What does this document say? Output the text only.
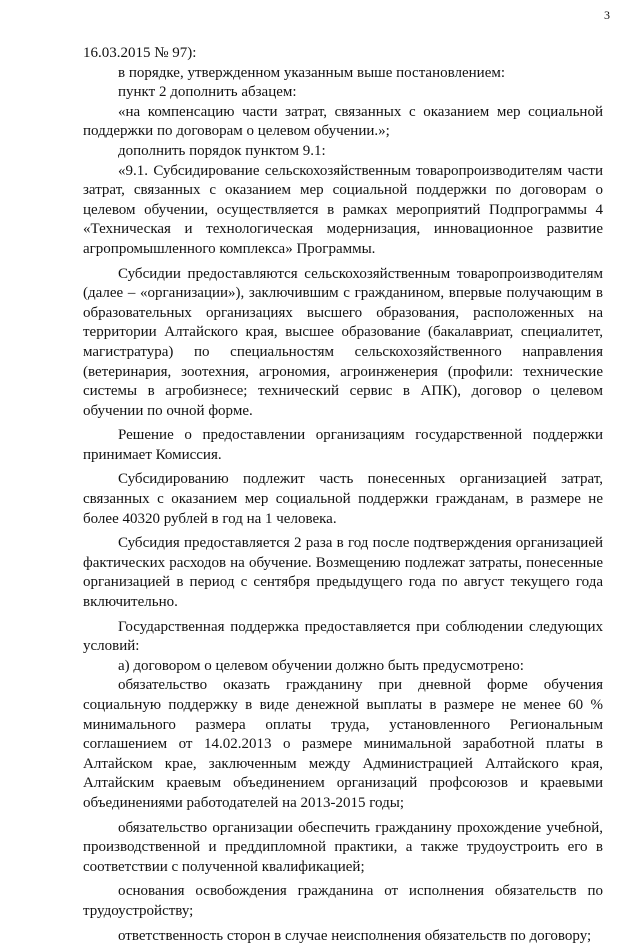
3

16.03.2015 № 97):

в порядке, утвержденном указанным выше постановлением:

пункт 2 дополнить абзацем:

«на компенсацию части затрат, связанных с оказанием мер социальной поддержки по договорам о целевом обучении.»;

дополнить порядок пунктом 9.1:

«9.1. Субсидирование сельскохозяйственным товаропроизводителям части затрат, связанных с оказанием мер социальной поддержки по договорам о целевом обучении, осуществляется в рамках мероприятий Подпрограммы 4 «Техническая и технологическая модернизация, инновационное развитие агропромышленного комплекса» Программы.

Субсидии предоставляются сельскохозяйственным товаропроизводителям (далее – «организации»), заключившим с гражданином, впервые получающим в образовательных организациях высшего образования, расположенных на территории Алтайского края, высшее образование (бакалавриат, специалитет, магистратура) по специальностям сельскохозяйственного направления (ветеринария, зоотехния, агрономия, агроинженерия (профили: технические системы в агробизнесе; технический сервис в АПК), договор о целевом обучении по очной форме.

Решение о предоставлении организациям государственной поддержки принимает Комиссия.

Субсидированию подлежит часть понесенных организацией затрат, связанных с оказанием мер социальной поддержки гражданам, в размере не более 40320 рублей в год на 1 человека.

Субсидия предоставляется 2 раза в год после подтверждения организацией фактических расходов на обучение. Возмещению подлежат затраты, понесенные организацией в период с сентября предыдущего года по август текущего года включительно.

Государственная поддержка предоставляется при соблюдении следующих условий:

а) договором о целевом обучении должно быть предусмотрено:

обязательство оказать гражданину при дневной форме обучения социальную поддержку в виде денежной выплаты в размере не менее 60 % минимального размера оплаты труда, установленного Региональным соглашением от 14.02.2013 о размере минимальной заработной платы в Алтайском крае, заключенным между Администрацией Алтайского края, Алтайским краевым объединением организаций профсоюзов и краевыми объединениями работодателей на 2013-2015 годы;

обязательство организации обеспечить гражданину прохождение учебной, производственной и преддипломной практики, а также трудоустроить его в соответствии с полученной квалификацией;

основания освобождения гражданина от исполнения обязательств по трудоустройству;

ответственность сторон в случае неисполнения обязательств по договору;
